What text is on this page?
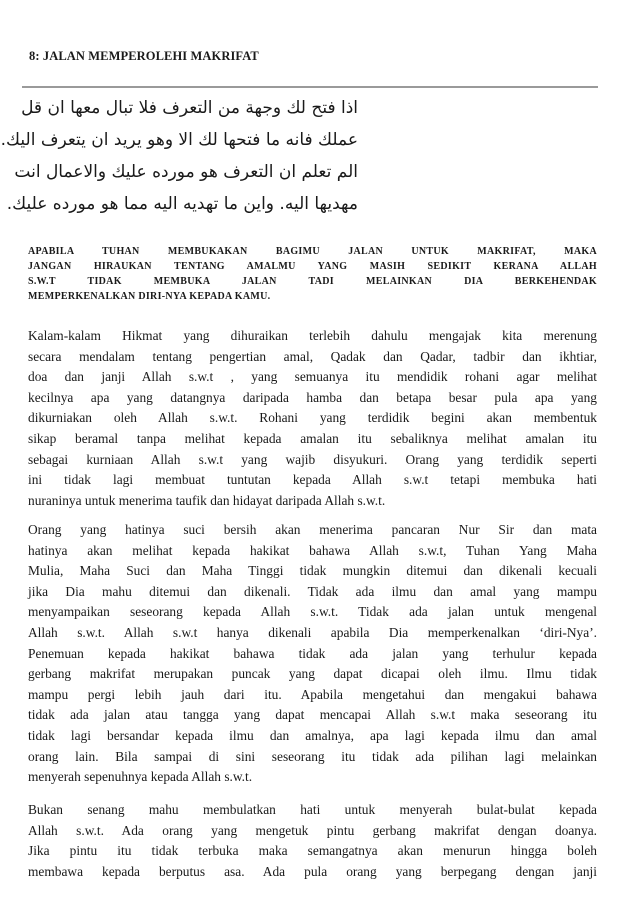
8: JALAN MEMPEROLEHI MAKRIFAT
اذا فتح لك وجهة من التعرف فلا تبال معها ان قل
عملك فانه ما فتحها لك الا وهو يريد ان يتعرف اليك.
الم تعلم ان التعرف هو مورده عليك والاعمال انت
مهديها اليه. واين ما تهديه اليه مما هو مورده عليك.
APABILA TUHAN MEMBUKAKAN BAGIMU JALAN UNTUK MAKRIFAT, MAKA
JANGAN HIRAUKAN TENTANG AMALMU YANG MASIH SEDIKIT KERANA ALLAH
S.W.T TIDAK MEMBUKA JALAN TADI MELAINKAN DIA BERKEHENDAK
MEMPERKENALKAN DIRI-NYA KEPADA KAMU.
Kalam-kalam Hikmat yang dihuraikan terlebih dahulu mengajak kita merenung
secara mendalam tentang pengertian amal, Qadak dan Qadar, tadbir dan ikhtiar,
doa dan janji Allah s.w.t , yang semuanya itu mendidik rohani agar melihat
kecilnya apa yang datangnya daripada hamba dan betapa besar pula apa yang
dikurniakan oleh Allah s.w.t. Rohani yang terdidik begini akan membentuk
sikap beramal tanpa melihat kepada amalan itu sebaliknya melihat amalan itu
sebagai kurniaan Allah s.w.t yang wajib disyukuri. Orang yang terdidik seperti
ini tidak lagi membuat tuntutan kepada Allah s.w.t tetapi membuka hati
nuraninya untuk menerima taufik dan hidayat daripada Allah s.w.t.
Orang yang hatinya suci bersih akan menerima pancaran Nur Sir dan mata
hatinya akan melihat kepada hakikat bahawa Allah s.w.t, Tuhan Yang Maha
Mulia, Maha Suci dan Maha Tinggi tidak mungkin ditemui dan dikenali kecuali
jika Dia mahu ditemui dan dikenali. Tidak ada ilmu dan amal yang mampu
menyampaikan seseorang kepada Allah s.w.t. Tidak ada jalan untuk mengenal
Allah s.w.t. Allah s.w.t hanya dikenali apabila Dia memperkenalkan ‘diri-Nya’.
Penemuan kepada hakikat bahawa tidak ada jalan yang terhulur kepada
gerbang makrifat merupakan puncak yang dapat dicapai oleh ilmu. Ilmu tidak
mampu pergi lebih jauh dari itu. Apabila mengetahui dan mengakui bahawa
tidak ada jalan atau tangga yang dapat mencapai Allah s.w.t maka seseorang itu
tidak lagi bersandar kepada ilmu dan amalnya, apa lagi kepada ilmu dan amal
orang lain. Bila sampai di sini seseorang itu tidak ada pilihan lagi melainkan
menyerah sepenuhnya kepada Allah s.w.t.
Bukan senang mahu membulatkan hati untuk menyerah bulat-bulat kepada
Allah s.w.t. Ada orang yang mengetuk pintu gerbang makrifat dengan doanya.
Jika pintu itu tidak terbuka maka semangatnya akan menurun hingga boleh
membawa kepada berputus asa. Ada pula orang yang berpegang dengan janji
